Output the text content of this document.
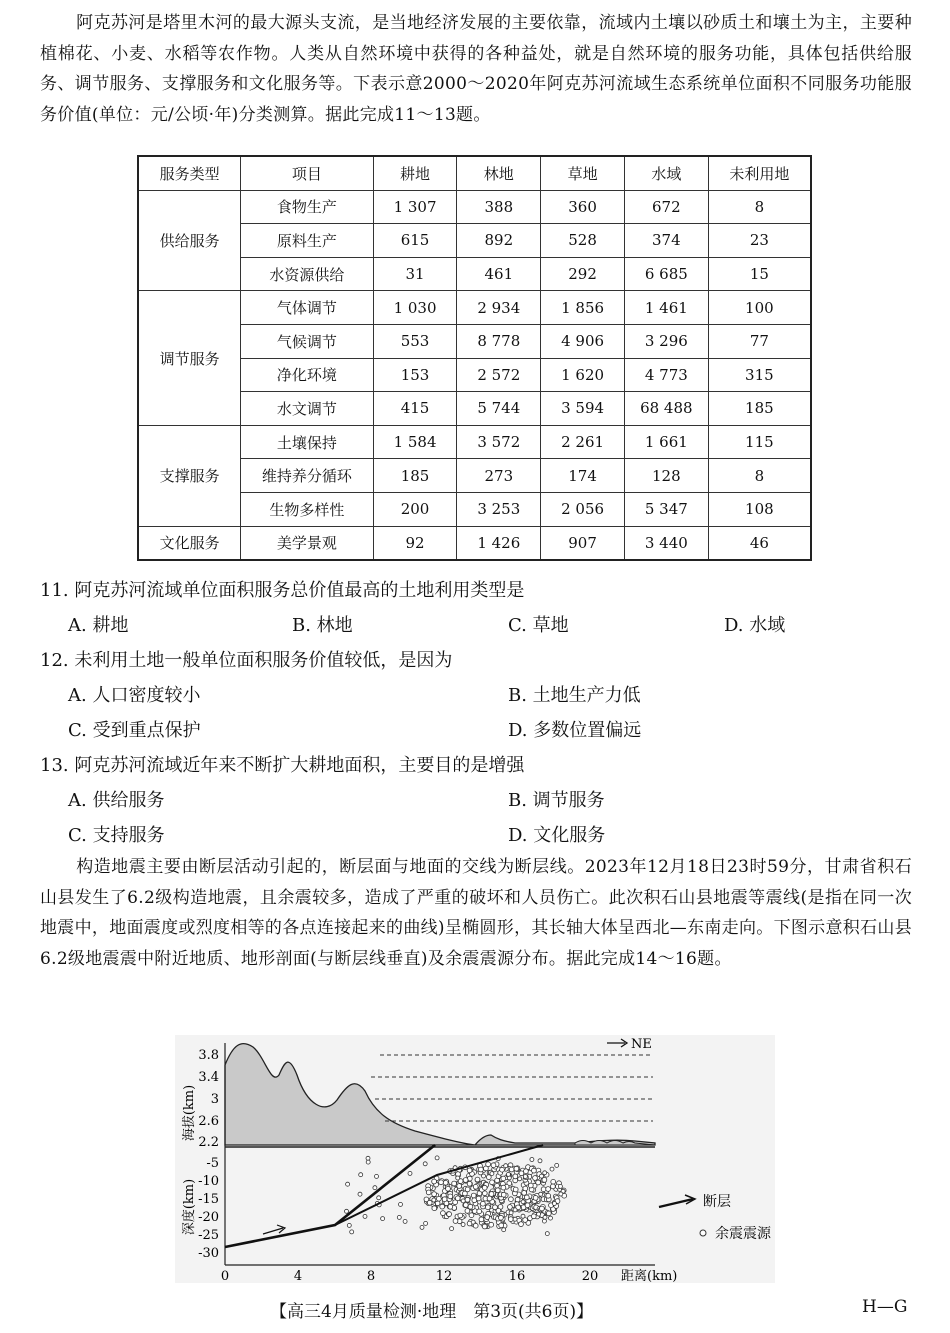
阿克苏河是塔里木河的最大源头支流，是当地经济发展的主要依靠，流域内土壤以砂质土和壤土为主，主要种植棉花、小麦、水稻等农作物。人类从自然环境中获得的各种益处，就是自然环境的服务功能，具体包括供给服务、调节服务、支撑服务和文化服务等。下表示意2000～2020年阿克苏河流域生态系统单位面积不同服务功能服务价值(单位：元/公顷·年)分类测算。据此完成11～13题。
服务类型	项目	耕地	林地	草地	水域	未利用地
供给服务	食物生产	1 307	388	360	672	8
	原料生产	615	892	528	374	23
	水资源供给	31	461	292	6 685	15
调节服务	气体调节	1 030	2 934	1 856	1 461	100
	气候调节	553	8 778	4 906	3 296	77
	净化环境	153	2 572	1 620	4 773	315
	水文调节	415	5 744	3 594	68 488	185
支撑服务	土壤保持	1 584	3 572	2 261	1 661	115
	维持养分循环	185	273	174	128	8
	生物多样性	200	3 253	2 056	5 347	108
文化服务	美学景观	92	1 426	907	3 440	46
11. 阿克苏河流域单位面积服务总价值最高的土地利用类型是
A. 耕地	B. 林地	C. 草地	D. 水域
12. 未利用土地一般单位面积服务价值较低，是因为
A. 人口密度较小	B. 土地生产力低
C. 受到重点保护	D. 多数位置偏远
13. 阿克苏河流域近年来不断扩大耕地面积，主要目的是增强
A. 供给服务	B. 调节服务
C. 支持服务	D. 文化服务
构造地震主要由断层活动引起的，断层面与地面的交线为断层线。2023年12月18日23时59分，甘肃省积石山县发生了6.2级构造地震，且余震较多，造成了严重的破坏和人员伤亡。此次积石山县地震等震线(是指在同一次地震中，地面震度或烈度相等的各点连接起来的曲线)呈椭圆形，其长轴大体呈西北—东南走向。下图示意积石山县6.2级地震震中附近地质、地形剖面(与断层线垂直)及余震震源分布。据此完成14～16题。
3.8
3.4
3
2.6
2.2
-5
-10
-15
-20
-25
-30
0	4	8	12	16	20 距离(km)
海拔(km)
深度(km)
NE
断层
余震震源
【高三4月质量检测·地理　第3页(共6页)】	H—G
